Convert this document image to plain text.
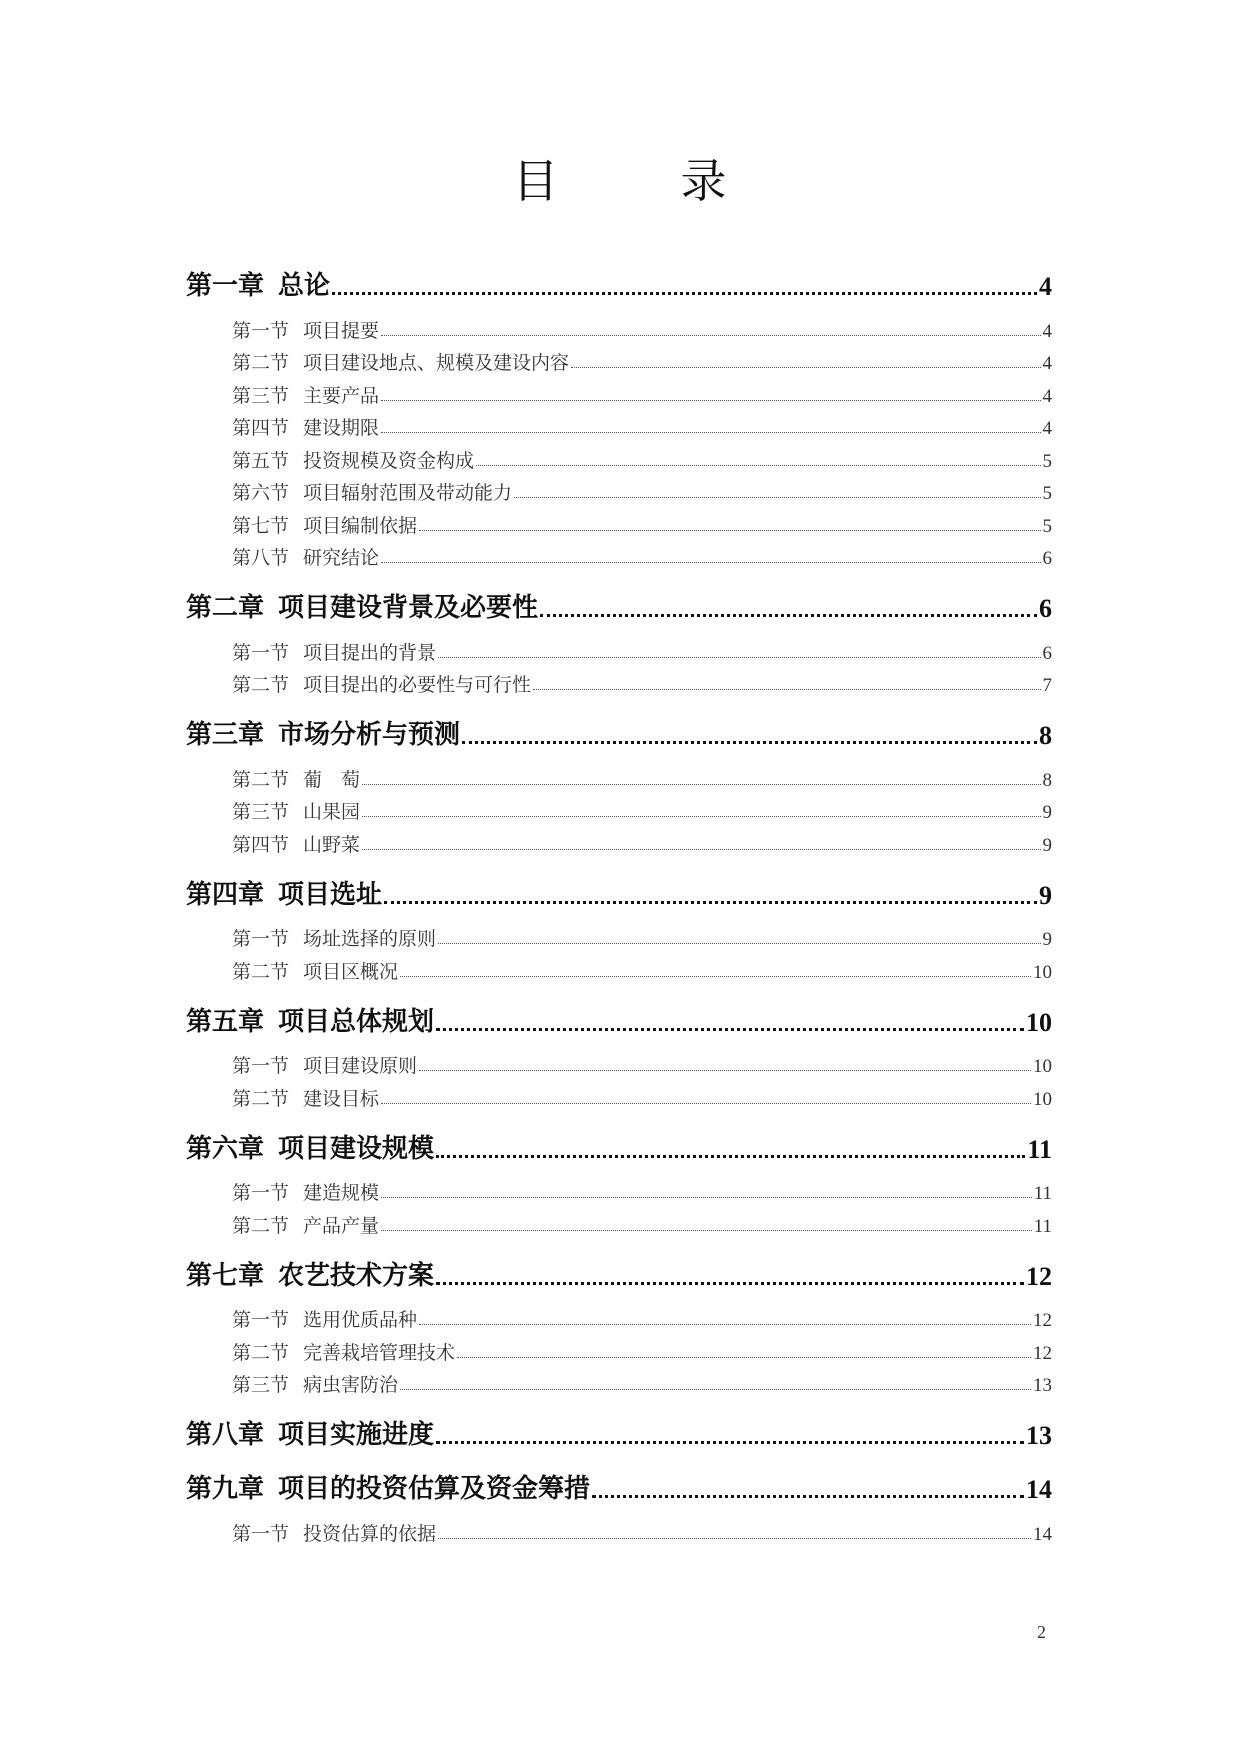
目	录
第一章 总论	4
第一节 项目提要	4
第二节 项目建设地点、规模及建设内容	4
第三节 主要产品	4
第四节 建设期限	4
第五节 投资规模及资金构成	5
第六节 项目辐射范围及带动能力	5
第七节 项目编制依据	5
第八节 研究结论	6
第二章 项目建设背景及必要性	6
第一节 项目提出的背景	6
第二节 项目提出的必要性与可行性	7
第三章 市场分析与预测	8
第二节 葡　萄	8
第三节 山果园	9
第四节 山野菜	9
第四章 项目选址	9
第一节 场址选择的原则	9
第二节 项目区概况	10
第五章 项目总体规划	10
第一节 项目建设原则	10
第二节 建设目标	10
第六章 项目建设规模	11
第一节 建造规模	11
第二节 产品产量	11
第七章 农艺技术方案	12
第一节 选用优质品种	12
第二节 完善栽培管理技术	12
第三节 病虫害防治	13
第八章 项目实施进度	13
第九章 项目的投资估算及资金筹措	14
第一节 投资估算的依据	14
2
